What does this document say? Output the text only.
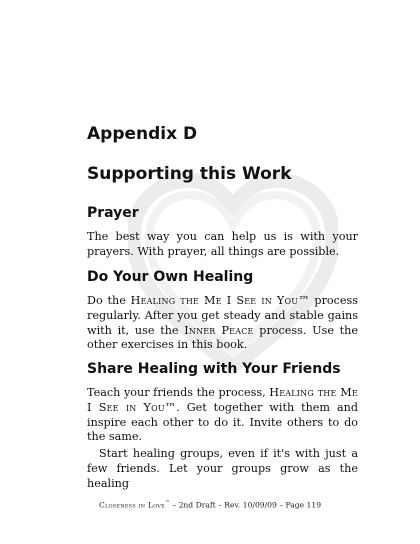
Appendix D
Supporting this Work
Prayer

The best way you can help us is with your prayers. With prayer, all things are possible.

Do Your Own Healing

Do the Healing the Me I See in You™ process regularly. After you get steady and stable gains with it, use the Inner Peace process. Use the other exercises in this book.

Share Healing with Your Friends

Teach your friends the process, Healing the Me I See in You™. Get together with them and inspire each other to do it. Invite others to do the same.

Start healing groups, even if it's with just a few friends. Let your groups grow as the healing

Closeness in Love™ – 2nd Draft – Rev. 10/09/09 – Page 119
